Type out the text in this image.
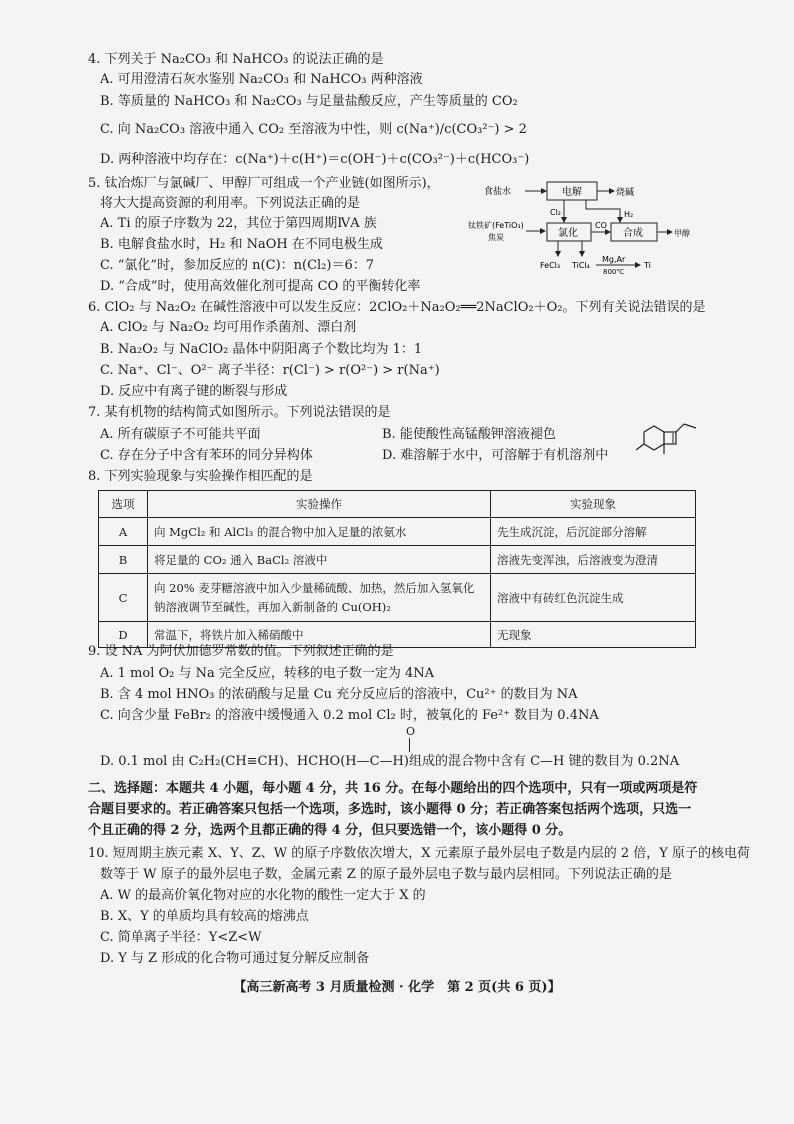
4. 下列关于 Na₂CO₃ 和 NaHCO₃ 的说法正确的是
A. 可用澄清石灰水鉴别 Na₂CO₃ 和 NaHCO₃ 两种溶液
B. 等质量的 NaHCO₃ 和 Na₂CO₃ 与足量盐酸反应，产生等质量的 CO₂
C. 向 Na₂CO₃ 溶液中通入 CO₂ 至溶液为中性，则 c(Na⁺)/c(CO₃²⁻) > 2
D. 两种溶液中均存在：c(Na⁺)＋c(H⁺)＝c(OH⁻)＋c(CO₃²⁻)＋c(HCO₃⁻)
5. 钛冶炼厂与氯碱厂、甲醇厂可组成一个产业链(如图所示)，
将大大提高资源的利用率。下列说法正确的是
A. Ti 的原子序数为 22，其位于第四周期ⅣA 族
B. 电解食盐水时，H₂ 和 NaOH 在不同电极生成
C. “氯化”时，参加反应的 n(C)：n(Cl₂)＝6：7
D. “合成”时，使用高效催化剂可提高 CO 的平衡转化率
食盐水	电解	烧碱
Cl₂	H₂
钛铁矿(FeTiO₃)
焦炭	氯化
CO
合成	甲醇
FeCl₃ TiCl₄
Mg,Ar
800℃
Ti
6. ClO₂ 与 Na₂O₂ 在碱性溶液中可以发生反应：2ClO₂＋Na₂O₂══2NaClO₂＋O₂。下列有关说法错误的是
A. ClO₂ 与 Na₂O₂ 均可用作杀菌剂、漂白剂
B. Na₂O₂ 与 NaClO₂ 晶体中阴阳离子个数比均为 1：1
C. Na⁺、Cl⁻、O²⁻ 离子半径：r(Cl⁻) > r(O²⁻) > r(Na⁺)
D. 反应中有离子键的断裂与形成
7. 某有机物的结构简式如图所示。下列说法错误的是
A. 所有碳原子不可能共平面	B. 能使酸性高锰酸钾溶液褪色
C. 存在分子中含有苯环的同分异构体	D. 难溶解于水中，可溶解于有机溶剂中
8. 下列实验现象与实验操作相匹配的是
选项	实验操作	实验现象
A	向 MgCl₂ 和 AlCl₃ 的混合物中加入足量的浓氨水	先生成沉淀，后沉淀部分溶解
B	将足量的 CO₂ 通入 BaCl₂ 溶液中	溶液先变浑浊，后溶液变为澄清
C	向 20% 麦芽糖溶液中加入少量稀硫酸、加热，然后加入氢氧化钠溶液调节至碱性，再加入新制备的 Cu(OH)₂	溶液中有砖红色沉淀生成
D	常温下，将铁片加入稀硝酸中	无现象
9. 设 NA 为阿伏加德罗常数的值。下列叙述正确的是
A. 1 mol O₂ 与 Na 完全反应，转移的电子数一定为 4NA
B. 含 4 mol HNO₃ 的浓硝酸与足量 Cu 充分反应后的溶液中，Cu²⁺ 的数目为 NA
C. 向含少量 FeBr₂ 的溶液中缓慢通入 0.2 mol Cl₂ 时，被氧化的 Fe²⁺ 数目为 0.4NA
O
D. 0.1 mol 由 C₂H₂(CH≡CH)、HCHO(H—C—H)组成的混合物中含有 C—H 键的数目为 0.2NA
二、选择题：本题共 4 小题，每小题 4 分，共 16 分。在每小题给出的四个选项中，只有一项或两项是符合题目要求的。若正确答案只包括一个选项，多选时，该小题得 0 分；若正确答案包括两个选项，只选一个且正确的得 2 分，选两个且都正确的得 4 分，但只要选错一个，该小题得 0 分。
10. 短周期主族元素 X、Y、Z、W 的原子序数依次增大，X 元素原子最外层电子数是内层的 2 倍，Y 原子的核电荷
数等于 W 原子的最外层电子数，金属元素 Z 的原子最外层电子数与最内层相同。下列说法正确的是
A. W 的最高价氧化物对应的水化物的酸性一定大于 X 的
B. X、Y 的单质均具有较高的熔沸点
C. 简单离子半径：Y<Z<W
D. Y 与 Z 形成的化合物可通过复分解反应制备
【高三新高考 3 月质量检测 · 化学　第 2 页(共 6 页)】
